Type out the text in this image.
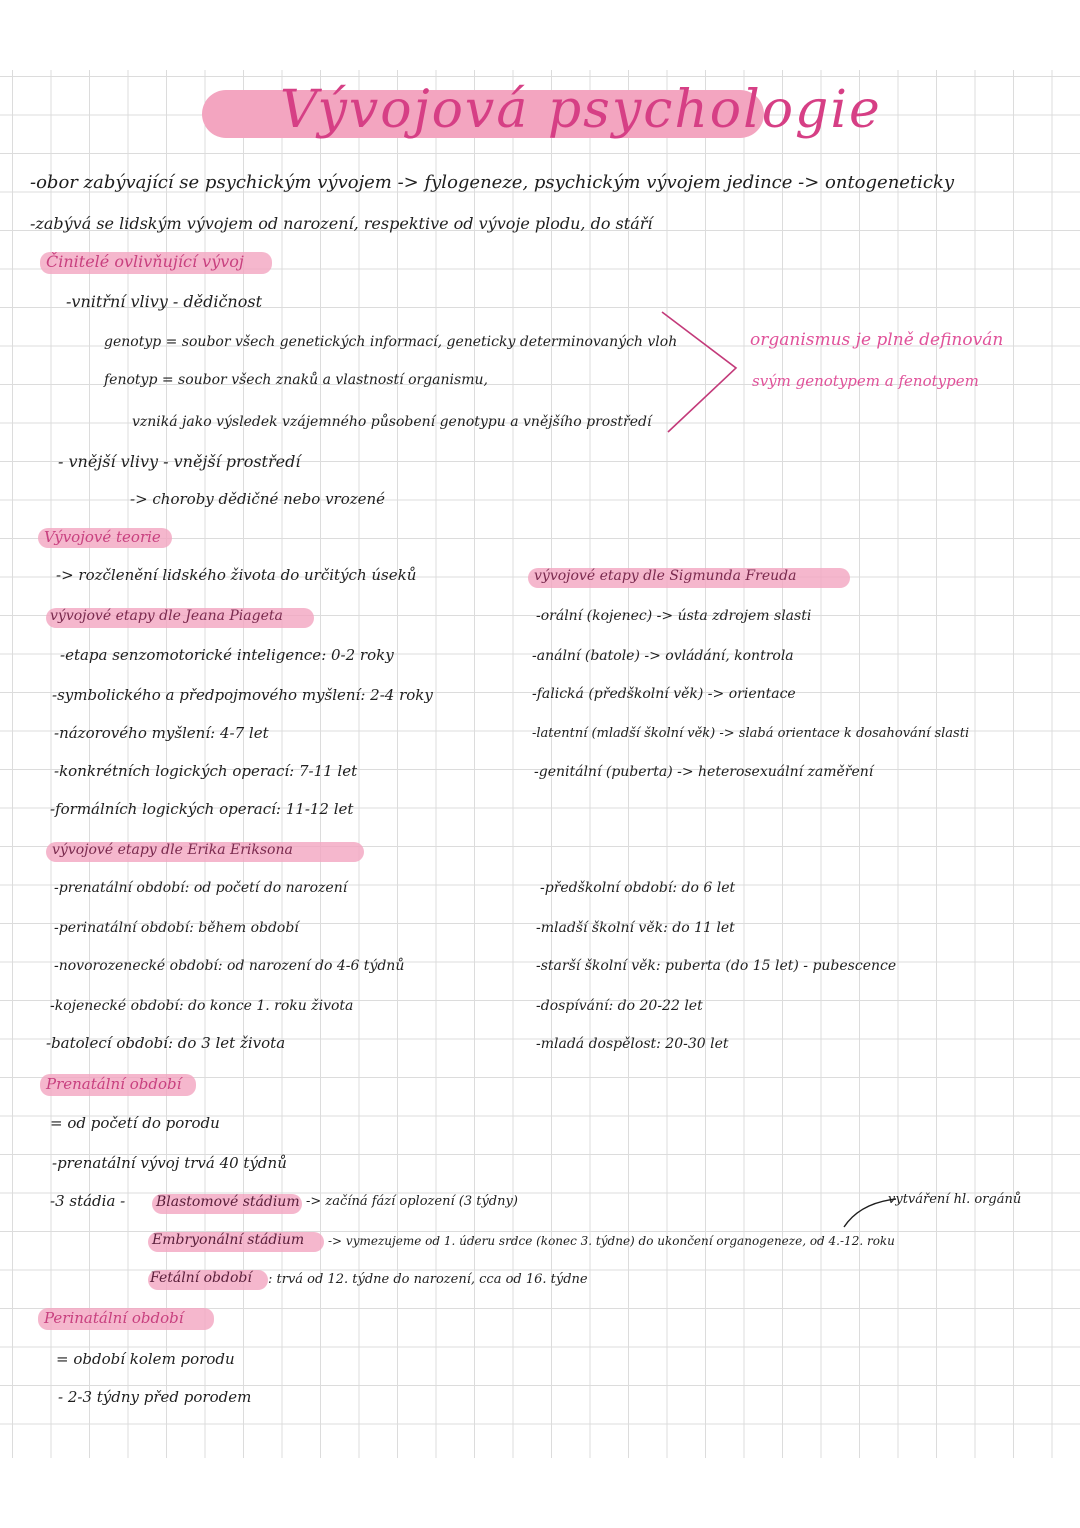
Vývojová psychologie
-obor zabývající se psychickým vývojem -> fylogeneze, psychickým vývojem jedince -> ontogeneticky
-zabývá se lidským vývojem od narození, respektive od vývoje plodu, do stáří
Činitelé ovlivňující vývoj
-vnitřní vlivy - dědičnost
genotyp = soubor všech genetických informací, geneticky determinovaných vloh
fenotyp = soubor všech znaků a vlastností organismu,
vzniká jako výsledek vzájemného působení genotypu a vnějšího prostředí
organismus je plně definován
svým genotypem a fenotypem
- vnější vlivy - vnější prostředí
-> choroby dědičné nebo vrozené
Vývojové teorie
-> rozčlenění lidského života do určitých úseků
vývojové etapy dle Jeana Piageta
-etapa senzomotorické inteligence: 0-2 roky
-symbolického a předpojmového myšlení: 2-4 roky
-názorového myšlení: 4-7 let
-konkrétních logických operací: 7-11 let
-formálních logických operací: 11-12 let
vývojové etapy dle Sigmunda Freuda
-orální (kojenec) -> ústa zdrojem slasti
-anální (batole) -> ovládání, kontrola
-falická (předškolní věk) -> orientace
-latentní (mladší školní věk) -> slabá orientace k dosahování slasti
-genitální (puberta) -> heterosexuální zaměření
vývojové etapy dle Erika Eriksona
-prenatální období: od početí do narození
-perinatální období: během období
-novorozenecké období: od narození do 4-6 týdnů
-kojenecké období: do konce 1. roku života
-batolecí období: do 3 let života
-předškolní období: do 6 let
-mladší školní věk: do 11 let
-starší školní věk: puberta (do 15 let) - pubescence
-dospívání: do 20-22 let
-mladá dospělost: 20-30 let
Prenatální období
= od početí do porodu
-prenatální vývoj trvá 40 týdnů
-3 stádia - Blastomové stádium -> začíná fází oplození (3 týdny)	vytváření hl. orgánů
Embryonální stádium -> vymezujeme od 1. úderu srdce (konec 3. týdne) do ukončení organogeneze, od 4.-12. roku
Fetální období : trvá od 12. týdne do narození, cca od 16. týdne
Perinatální období
= období kolem porodu
- 2-3 týdny před porodem
